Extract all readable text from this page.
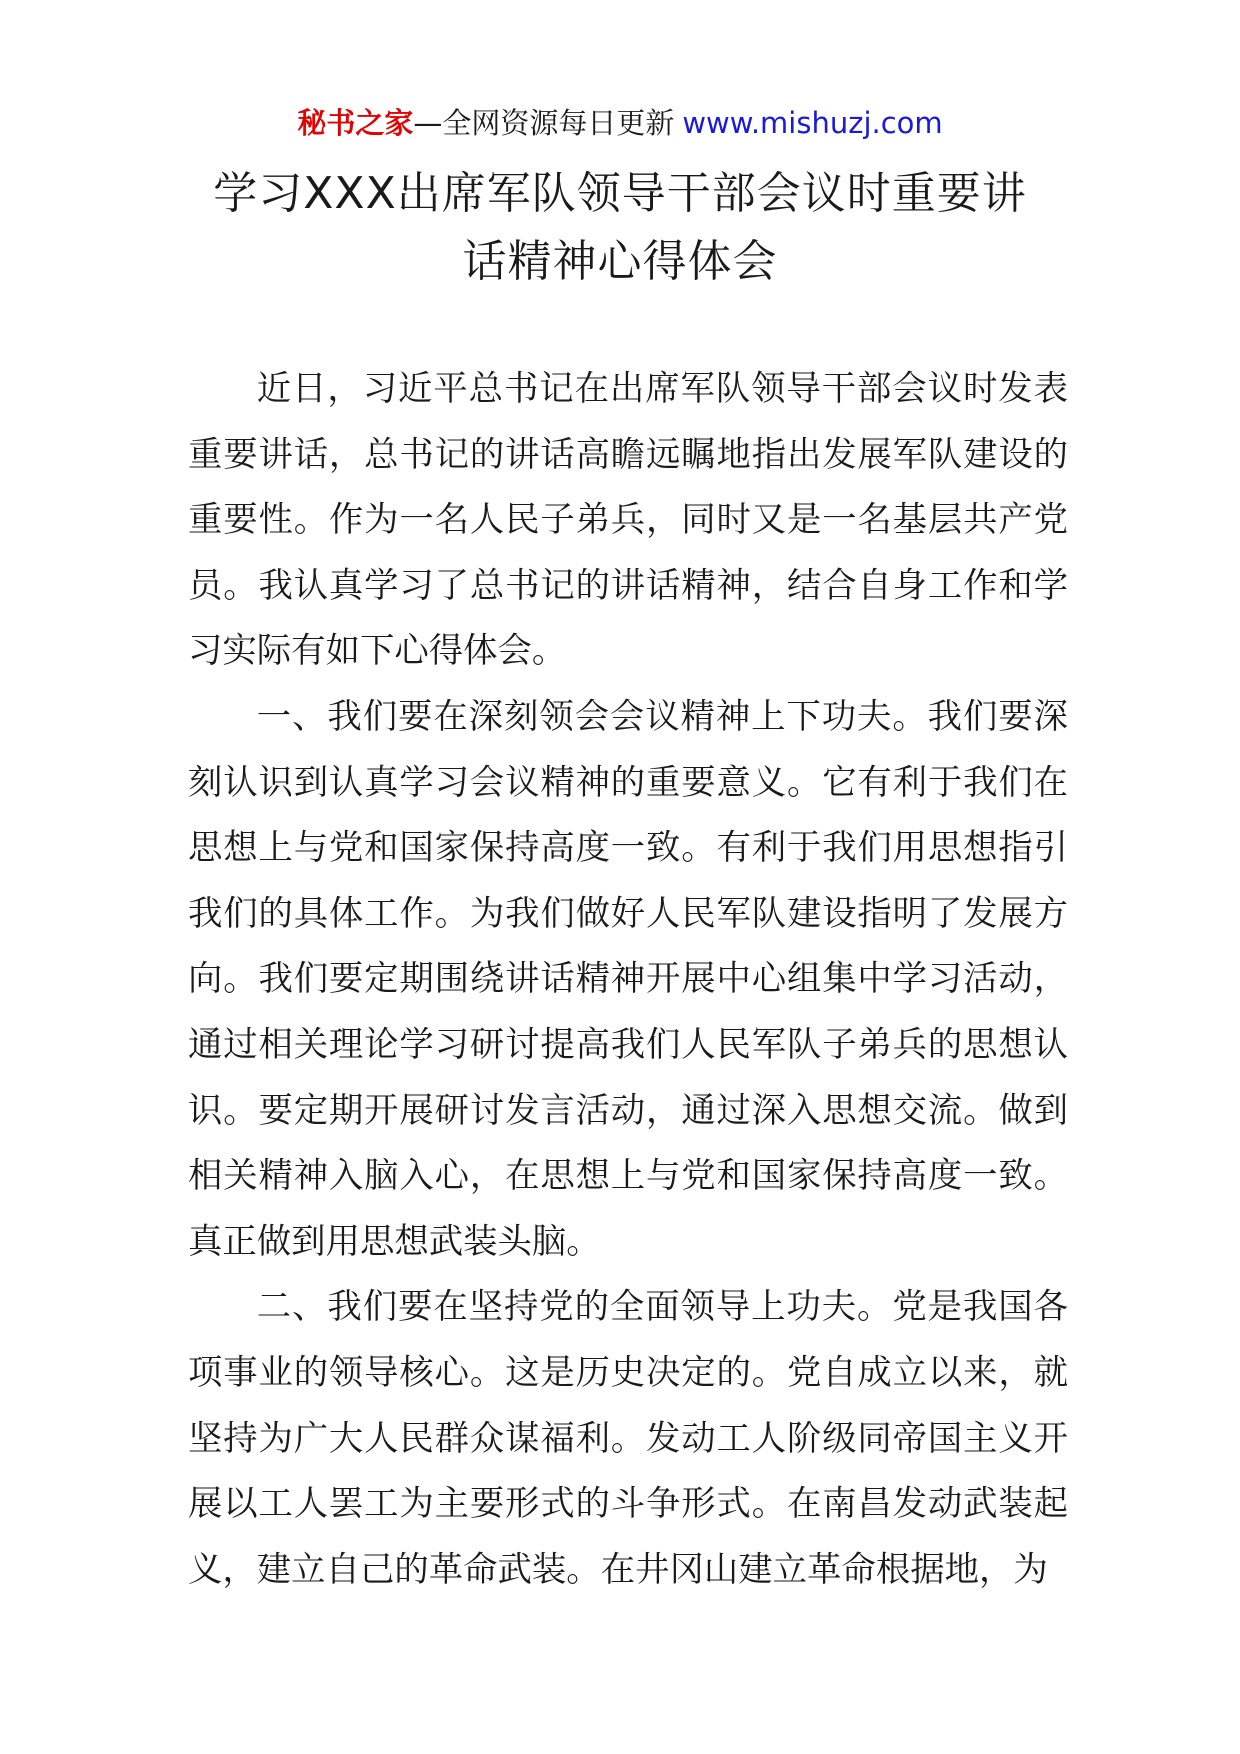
秘书之家—全网资源每日更新 www.mishuzj.com
学习XXX出席军队领导干部会议时重要讲
话精神心得体会

近日，习近平总书记在出席军队领导干部会议时发表重要讲话，总书记的讲话高瞻远瞩地指出发展军队建设的重要性。作为一名人民子弟兵，同时又是一名基层共产党员。我认真学习了总书记的讲话精神，结合自身工作和学习实际有如下心得体会。

一、我们要在深刻领会会议精神上下功夫。我们要深刻认识到认真学习会议精神的重要意义。它有利于我们在思想上与党和国家保持高度一致。有利于我们用思想指引我们的具体工作。为我们做好人民军队建设指明了发展方向。我们要定期围绕讲话精神开展中心组集中学习活动，通过相关理论学习研讨提高我们人民军队子弟兵的思想认识。要定期开展研讨发言活动，通过深入思想交流。做到相关精神入脑入心，在思想上与党和国家保持高度一致。真正做到用思想武装头脑。

二、我们要在坚持党的全面领导上功夫。党是我国各项事业的领导核心。这是历史决定的。党自成立以来，就坚持为广大人民群众谋福利。发动工人阶级同帝国主义开展以工人罢工为主要形式的斗争形式。在南昌发动武装起义，建立自己的革命武装。在井冈山建立革命根据地，为
